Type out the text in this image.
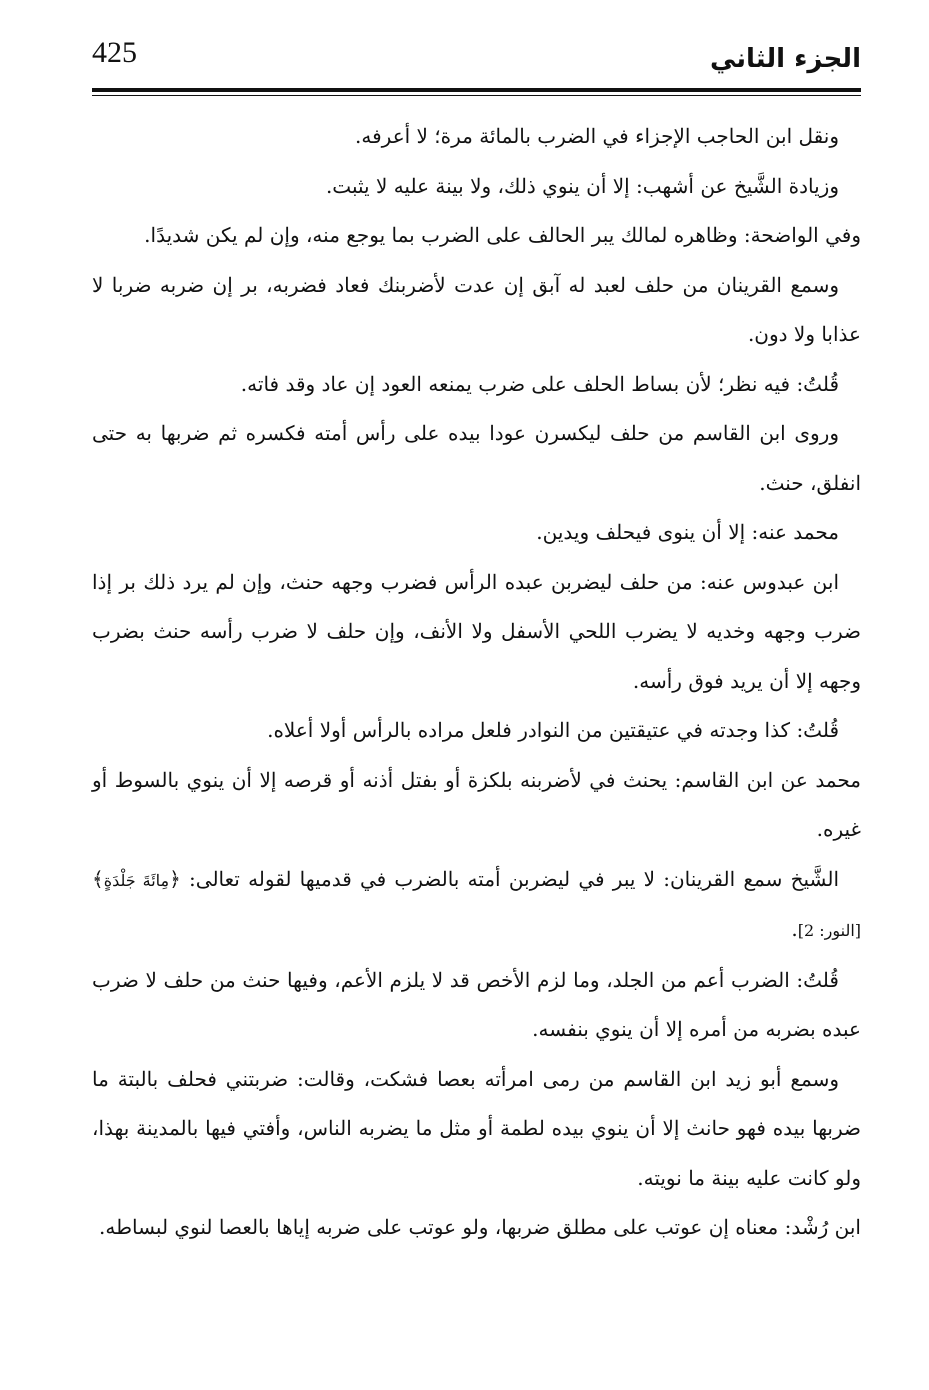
425	الجزء الثاني

ونقل ابن الحاجب الإجزاء في الضرب بالمائة مرة؛ لا أعرفه.

وزيادة الشَّيخ عن أشهب: إلا أن ينوي ذلك، ولا بينة عليه لا يثبت.

وفي الواضحة: وظاهره لمالك يبر الحالف على الضرب بما يوجع منه، وإن لم يكن شديدًا.

وسمع القرينان من حلف لعبد له آبق إن عدت لأضربنك فعاد فضربه، بر إن ضربه ضربا لا عذابا ولا دون.

قُلتُ: فيه نظر؛ لأن بساط الحلف على ضرب يمنعه العود إن عاد وقد فاته.

وروى ابن القاسم من حلف ليكسرن عودا بيده على رأس أمته فكسره ثم ضربها به حتى انفلق، حنث.

محمد عنه: إلا أن ينوى فيحلف ويدين.

ابن عبدوس عنه: من حلف ليضربن عبده الرأس فضرب وجهه حنث، وإن لم يرد ذلك بر إذا ضرب وجهه وخديه لا يضرب اللحي الأسفل ولا الأنف، وإن حلف لا ضرب رأسه حنث بضرب وجهه إلا أن يريد فوق رأسه.

قُلتُ: كذا وجدته في عتيقتين من النوادر فلعل مراده بالرأس أولا أعلاه.

محمد عن ابن القاسم: يحنث في لأضربنه بلكزة أو بفتل أذنه أو قرصه إلا أن ينوي بالسوط أو غيره.

الشَّيخ سمع القرينان: لا يبر في ليضربن أمته بالضرب في قدميها لقوله تعالى: ﴿مِائَةَ جَلْدَةٍ﴾ [النور: 2].

قُلتُ: الضرب أعم من الجلد، وما لزم الأخص قد لا يلزم الأعم، وفيها حنث من حلف لا ضرب عبده بضربه من أمره إلا أن ينوي بنفسه.

وسمع أبو زيد ابن القاسم من رمى امرأته بعصا فشكت، وقالت: ضربتني فحلف بالبتة ما ضربها بيده فهو حانث إلا أن ينوي بيده لطمة أو مثل ما يضربه الناس، وأفتي فيها بالمدينة بهذا، ولو كانت عليه بينة ما نويته.

ابن رُشْد: معناه إن عوتب على مطلق ضربها، ولو عوتب على ضربه إياها بالعصا لنوي لبساطه.
